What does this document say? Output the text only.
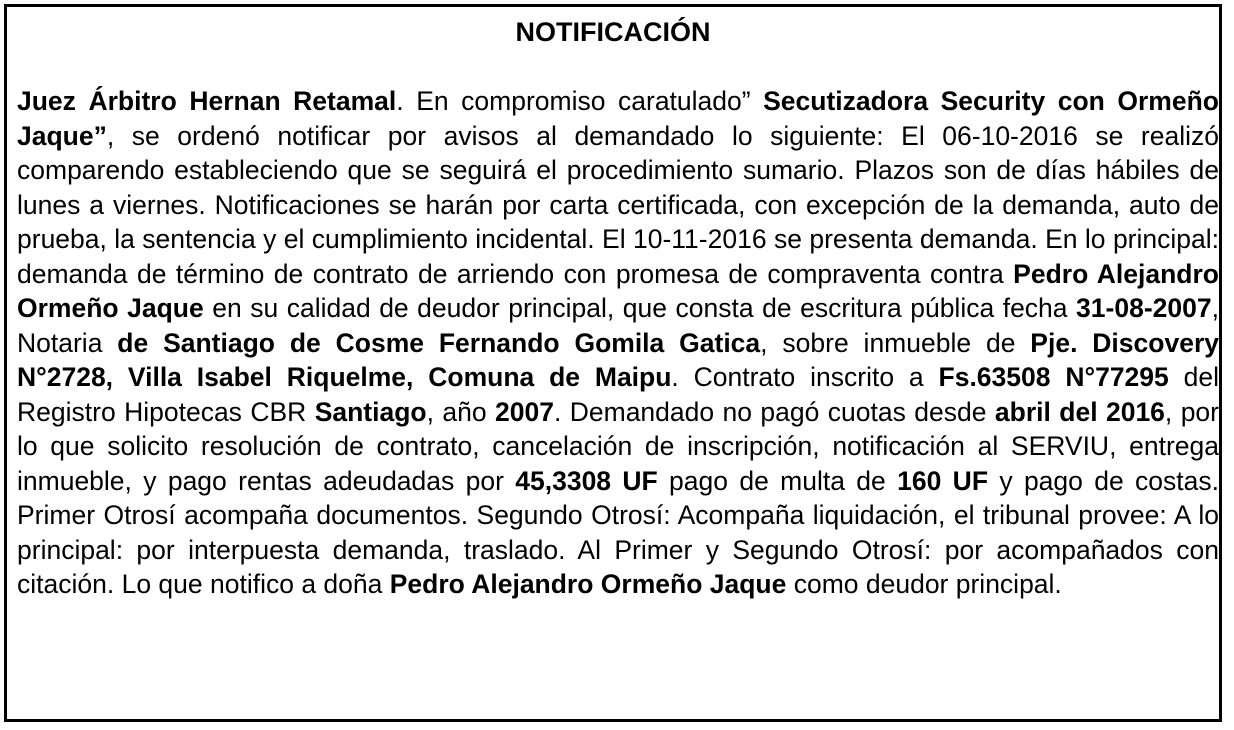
NOTIFICACIÓN

Juez Árbitro Hernan Retamal. En compromiso caratulado” Secutizadora Security con Ormeño Jaque”, se ordenó notificar por avisos al demandado lo siguiente: El 06-10-2016 se realizó comparendo estableciendo que se seguirá el procedimiento sumario. Plazos son de días hábiles de lunes a viernes. Notificaciones se harán por carta certificada, con excepción de la demanda, auto de prueba, la sentencia y el cumplimiento incidental. El 10-11-2016 se presenta demanda. En lo principal: demanda de término de contrato de arriendo con promesa de compraventa contra Pedro Alejandro Ormeño Jaque en su calidad de deudor principal, que consta de escritura pública fecha 31-08-2007, Notaria de Santiago de Cosme Fernando Gomila Gatica, sobre inmueble de Pje. Discovery N°2728, Villa Isabel Riquelme, Comuna de Maipu. Contrato inscrito a Fs.63508 N°77295 del Registro Hipotecas CBR Santiago, año 2007. Demandado no pagó cuotas desde abril del 2016, por lo que solicito resolución de contrato, cancelación de inscripción, notificación al SERVIU, entrega inmueble, y pago rentas adeudadas por 45,3308 UF pago de multa de 160 UF y pago de costas. Primer Otrosí acompaña documentos. Segundo Otrosí: Acompaña liquidación, el tribunal provee: A lo principal: por interpuesta demanda, traslado. Al Primer y Segundo Otrosí: por acompañados con citación. Lo que notifico a doña Pedro Alejandro Ormeño Jaque como deudor principal.
